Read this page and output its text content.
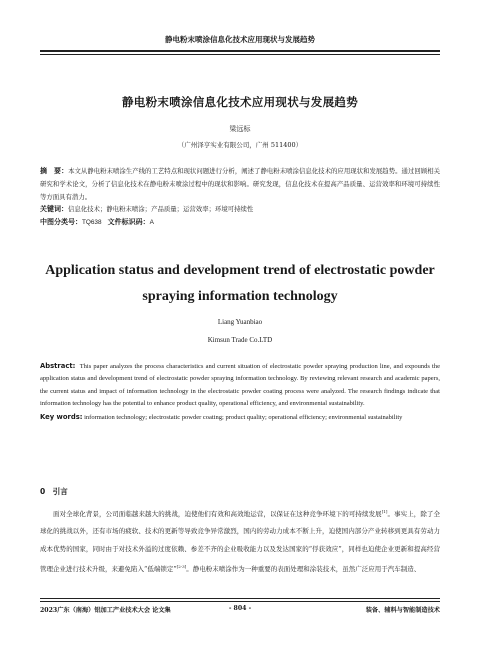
静电粉末喷涂信息化技术应用现状与发展趋势
静电粉末喷涂信息化技术应用现状与发展趋势
梁远标
（广州泽亨实业有限公司，广州 511400）

摘　要：本文从静电粉末喷涂生产线的工艺特点和现状问题进行分析，阐述了静电粉末喷涂信息化技术的应用现状和发展趋势。通过回顾相关研究和学术论文，分析了信息化技术在静电粉末喷涂过程中的现状和影响。研究发现，信息化技术在提高产品质量、运营效率和环境可持续性等方面具有潜力。

关键词：信息化技术；静电粉末喷涂；产品质量；运营效率；环境可持续性

中图分类号：TQ638 文件标识码：A

Application status and development trend of electrostatic powder spraying information technology
Liang Yuanbiao
Kimsun Trade Co.LTD

Abstract: This paper analyzes the process characteristics and current situation of electrostatic powder spraying production line, and expounds the application status and development trend of electrostatic powder spraying information technology. By reviewing relevant research and academic papers, the current status and impact of information technology in the electrostatic powder coating process were analyzed. The research findings indicate that information technology has the potential to enhance product quality, operational efficiency, and environmental sustainability.

Key words: information technology; electrostatic powder coating; product quality; operational efficiency; environmental sustainability

0　引言

面对全球化背景，公司面临越来越大的挑战，迫使他们有效和高效地运营，以保证在这种竞争环境下的可持续发展[1]。事实上，除了全球化的挑战以外，还有市场的疲软、技术的更新等导致竞争异常激烈，国内的劳动力成本不断上升，迫使国内部分产业转移到更具有劳动力成本优势的国家，同时由于对技术外溢的过度依赖、参差不齐的企业吸收能力以及发达国家的“俘获效应”，同样也迫使企业更新和提高经营管理企业进行技术升级，来避免陷入“低端锁定”[2-3]。静电粉末喷涂作为一种重要的表面处理和涂装技术，虽然广泛应用于汽车制造、

2023广东（南海）铝加工产业技术大会 论文集	- 804 -	装备、辅料与智能制造技术
